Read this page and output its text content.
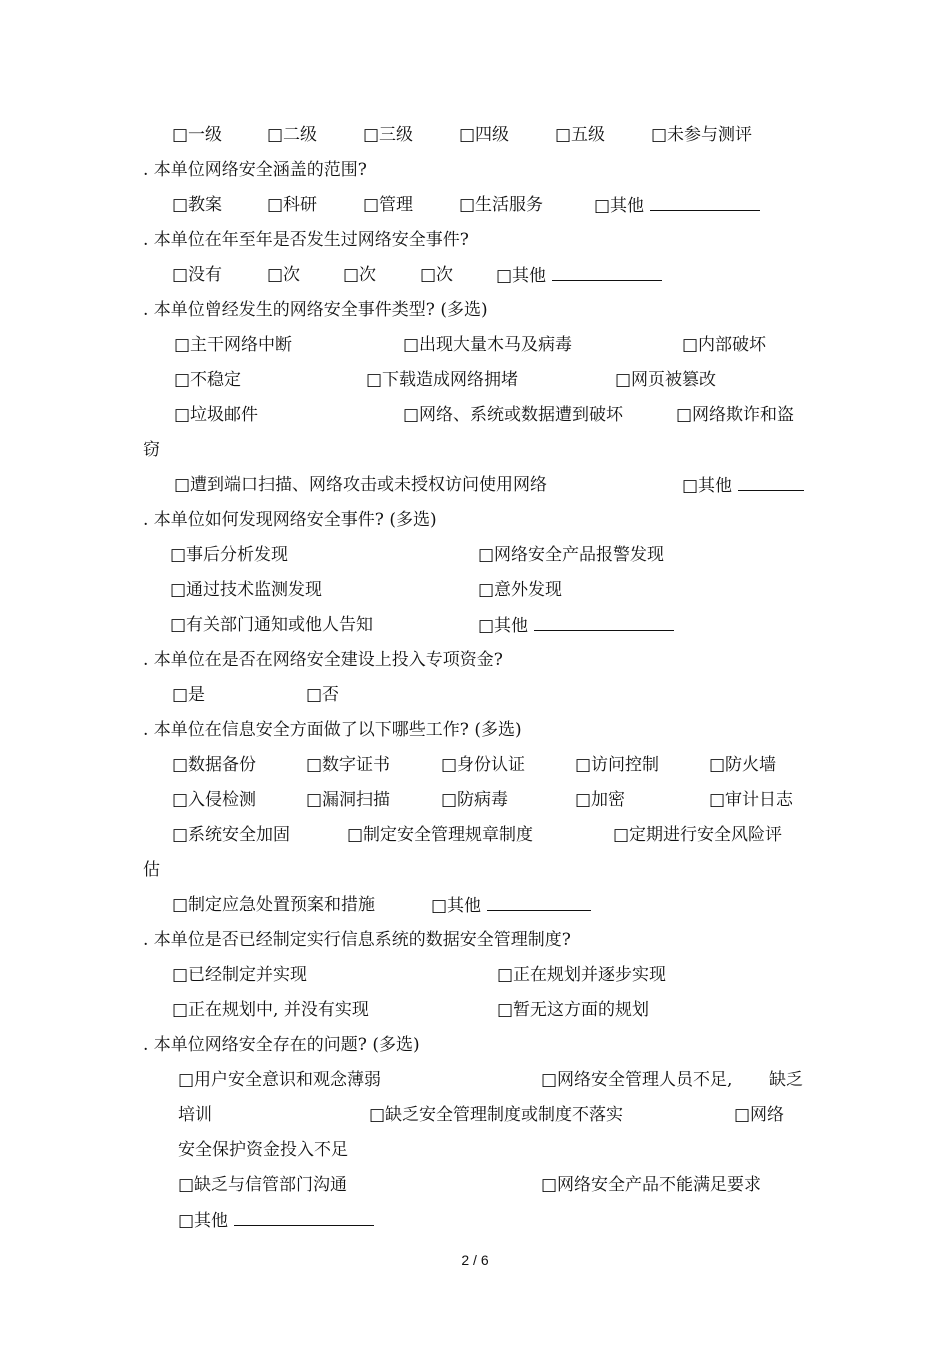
□一级	□二级	□三级	□四级	□五级	□未参与测评
. 本单位网络安全涵盖的范围?
□教案	□科研	□管理	□生活服务	□其他
. 本单位在年至年是否发生过网络安全事件?
□没有	□次	□次	□次	□其他
. 本单位曾经发生的网络安全事件类型? (多选)
□主干网络中断	□出现大量木马及病毒	□内部破坏
□不稳定	□下载造成网络拥堵	□网页被篡改
□垃圾邮件	□网络、系统或数据遭到破坏	□网络欺诈和盗
窃
□遭到端口扫描、网络攻击或未授权访问使用网络	□其他
. 本单位如何发现网络安全事件? (多选)
□事后分析发现	□网络安全产品报警发现
□通过技术监测发现	□意外发现
□有关部门通知或他人告知	□其他
. 本单位在是否在网络安全建设上投入专项资金?
□是	□否
. 本单位在信息安全方面做了以下哪些工作? (多选)
□数据备份	□数字证书	□身份认证	□访问控制	□防火墙
□入侵检测	□漏洞扫描	□防病毒	□加密	□审计日志
□系统安全加固	□制定安全管理规章制度	□定期进行安全风险评
估
□制定应急处置预案和措施	□其他
. 本单位是否已经制定实行信息系统的数据安全管理制度?
□已经制定并实现	□正在规划并逐步实现
□正在规划中, 并没有实现	□暂无这方面的规划
. 本单位网络安全存在的问题? (多选)
□用户安全意识和观念薄弱	□网络安全管理人员不足, 缺乏
培训	□缺乏安全管理制度或制度不落实	□网络
安全保护资金投入不足
□缺乏与信管部门沟通	□网络安全产品不能满足要求
□其他
2 / 6
